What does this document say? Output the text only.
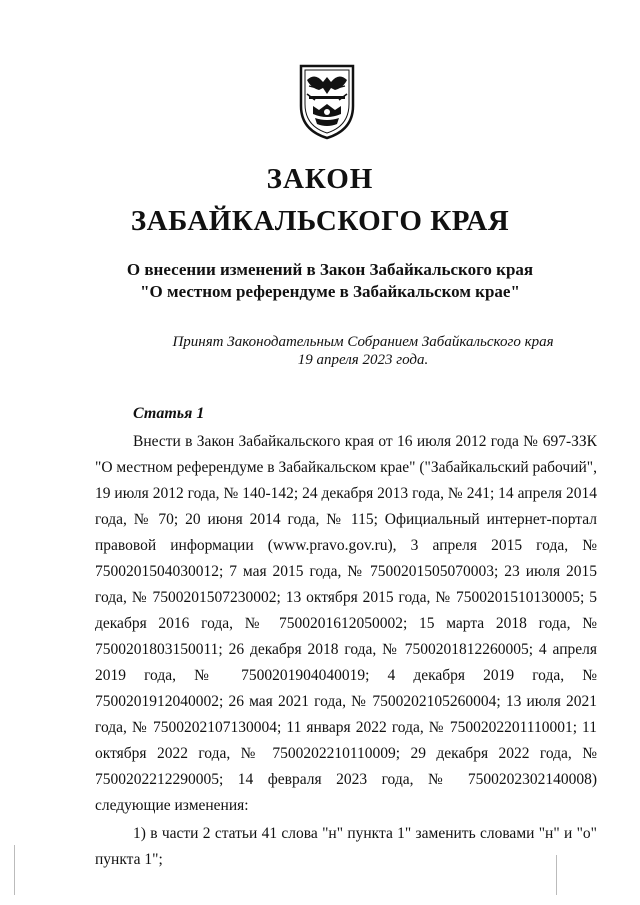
ЗАКОН
ЗАБАЙКАЛЬСКОГО КРАЯ
О внесении изменений в Закон Забайкальского края
"О местном референдуме в Забайкальском крае"
Принят Законодательным Собранием Забайкальского края
19 апреля 2023 года.
Статья 1

Внести в Закон Забайкальского края от 16 июля 2012 года № 697-ЗЗК "О местном референдуме в Забайкальском крае" ("Забайкальский рабочий", 19 июля 2012 года, № 140-142; 24 декабря 2013 года, № 241; 14 апреля 2014 года, № 70; 20 июня 2014 года, № 115; Официальный интернет-портал правовой информации (www.pravo.gov.ru), 3 апреля 2015 года, № 7500201504030012; 7 мая 2015 года, № 7500201505070003; 23 июля 2015 года, № 7500201507230002; 13 октября 2015 года, № 7500201510130005; 5 декабря 2016 года, № 7500201612050002; 15 марта 2018 года, № 7500201803150011; 26 декабря 2018 года, № 7500201812260005; 4 апреля 2019 года, № 7500201904040019; 4 декабря 2019 года, № 7500201912040002; 26 мая 2021 года, № 7500202105260004; 13 июля 2021 года, № 7500202107130004; 11 января 2022 года, № 7500202201110001; 11 октября 2022 года, № 7500202210110009; 29 декабря 2022 года, № 7500202212290005; 14 февраля 2023 года, № 7500202302140008) следующие изменения:

1) в части 2 статьи 41 слова "н" пункта 1" заменить словами "н" и "о" пункта 1";
